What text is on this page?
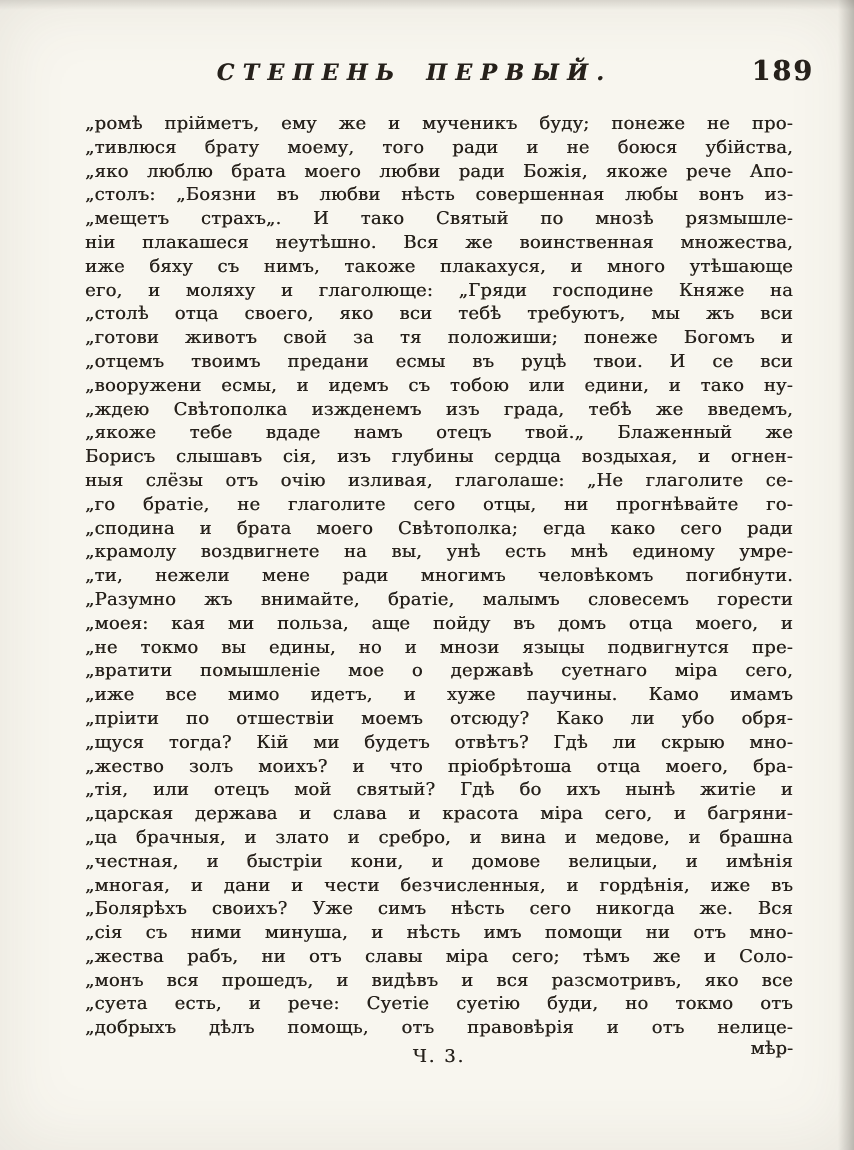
СТЕПЕНЬ ПЕРВЫЙ.	189
„ромѣ прійметъ, ему же и мученикъ буду; понеже не про-
„тивлюся брату моему, того ради и не боюся убійства,
„яко люблю брата моего любви ради Божія, якоже рече Апо-
„столъ: „Боязни въ любви нѣсть совершенная любы вонъ из-
„мещетъ страхъ„. И тако Святый по мнозѣ рязмышле-
ніи плакашеся неутѣшно. Вся же воинственная множества,
иже бяху съ нимъ, такоже плакахуся, и много утѣшающе
его, и моляху и глаголюще: „Гряди господине Княже на
„столѣ отца своего, яко вси тебѣ требуютъ, мы жъ вси
„готови животъ свой за тя положиши; понеже Богомъ и
„отцемъ твоимъ предани есмы въ руцѣ твои. И се вси
„вооружени есмы, и идемъ съ тобою или едини, и тако ну-
„ждею Свѣтополка изжденемъ изъ града, тебѣ же введемъ,
„якоже тебе вдаде намъ отецъ твой.„ Блаженный же
Борисъ слышавъ сія, изъ глубины сердца воздыхая, и огнен-
ныя слёзы отъ очію изливая, глаголаше: „Не глаголите се-
„го братіе, не глаголите сего отцы, ни прогнѣвайте го-
„сподина и брата моего Свѣтополка; егда како сего ради
„крамолу воздвигнете на вы, унѣ есть мнѣ единому умре-
„ти, нежели мене ради многимъ человѣкомъ погибнути.
„Разумно жъ внимайте, братіе, малымъ словесемъ горести
„моея: кая ми польза, аще пойду въ домъ отца моего, и
„не токмо вы едины, но и мнози языцы подвигнутся пре-
„вратити помышленіе мое о державѣ суетнаго міра сего,
„иже все мимо идетъ, и хуже паучины. Камо имамъ
„пріити по отшествіи моемъ отсюду? Како ли убо обря-
„щуся тогда? Кій ми будетъ отвѣтъ? Гдѣ ли скрыю мно-
„жество золъ моихъ? и что пріобрѣтоша отца моего, бра-
„тія, или отецъ мой святый? Гдѣ бо ихъ нынѣ житіе и
„царская держава и слава и красота міра сего, и багряни-
„ца брачныя, и злато и сребро, и вина и медове, и брашна
„честная, и быстріи кони, и домове велицыи, и имѣнія
„многая, и дани и чести безчисленныя, и гордѣнія, иже въ
„Болярѣхъ своихъ? Уже симъ нѣсть сего никогда же. Вся
„сія съ ними минуша, и нѣсть имъ помощи ни отъ мно-
„жества рабъ, ни отъ славы міра сего; тѣмъ же и Соло-
„монъ вся прошедъ, и видѣвъ и вся разсмотривъ, яко все
„суета есть, и рече: Суетіе суетію буди, но токмо отъ
„добрыхъ дѣлъ помощь, отъ правовѣрія и отъ нелице-
Ч. 3.	мѣр-
